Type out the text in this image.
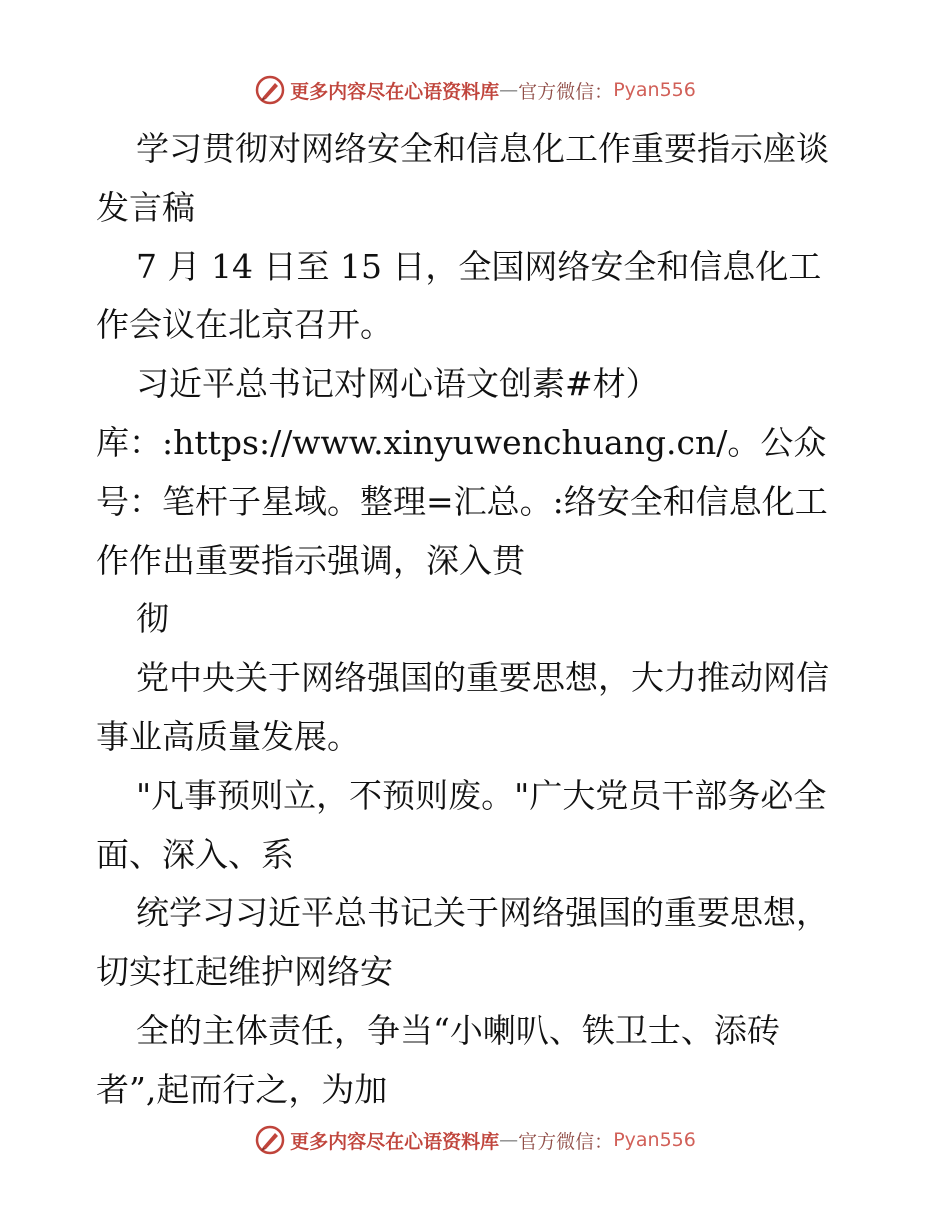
更多内容尽在心语资料库 — 官方微信： Pyan556
学习贯彻对网络安全和信息化工作重要指示座谈
发言稿
7 月 14 日至 15 日，全国网络安全和信息化工
作会议在北京召开。
习近平总书记对网心语文创素#材）
库：:https://www.xinyuwenchuang.cn/。公众
号：笔杆子星域。整理=汇总。:络安全和信息化工
作作出重要指示强调，深入贯
彻
党中央关于网络强国的重要思想，大力推动网信
事业高质量发展。
"凡事预则立，不预则废。"广大党员干部务必全
面、深入、系
统学习习近平总书记关于网络强国的重要思想，
切实扛起维护网络安
全的主体责任，争当“小喇叭、铁卫士、添砖
者”,起而行之，为加
更多内容尽在心语资料库 — 官方微信： Pyan556
